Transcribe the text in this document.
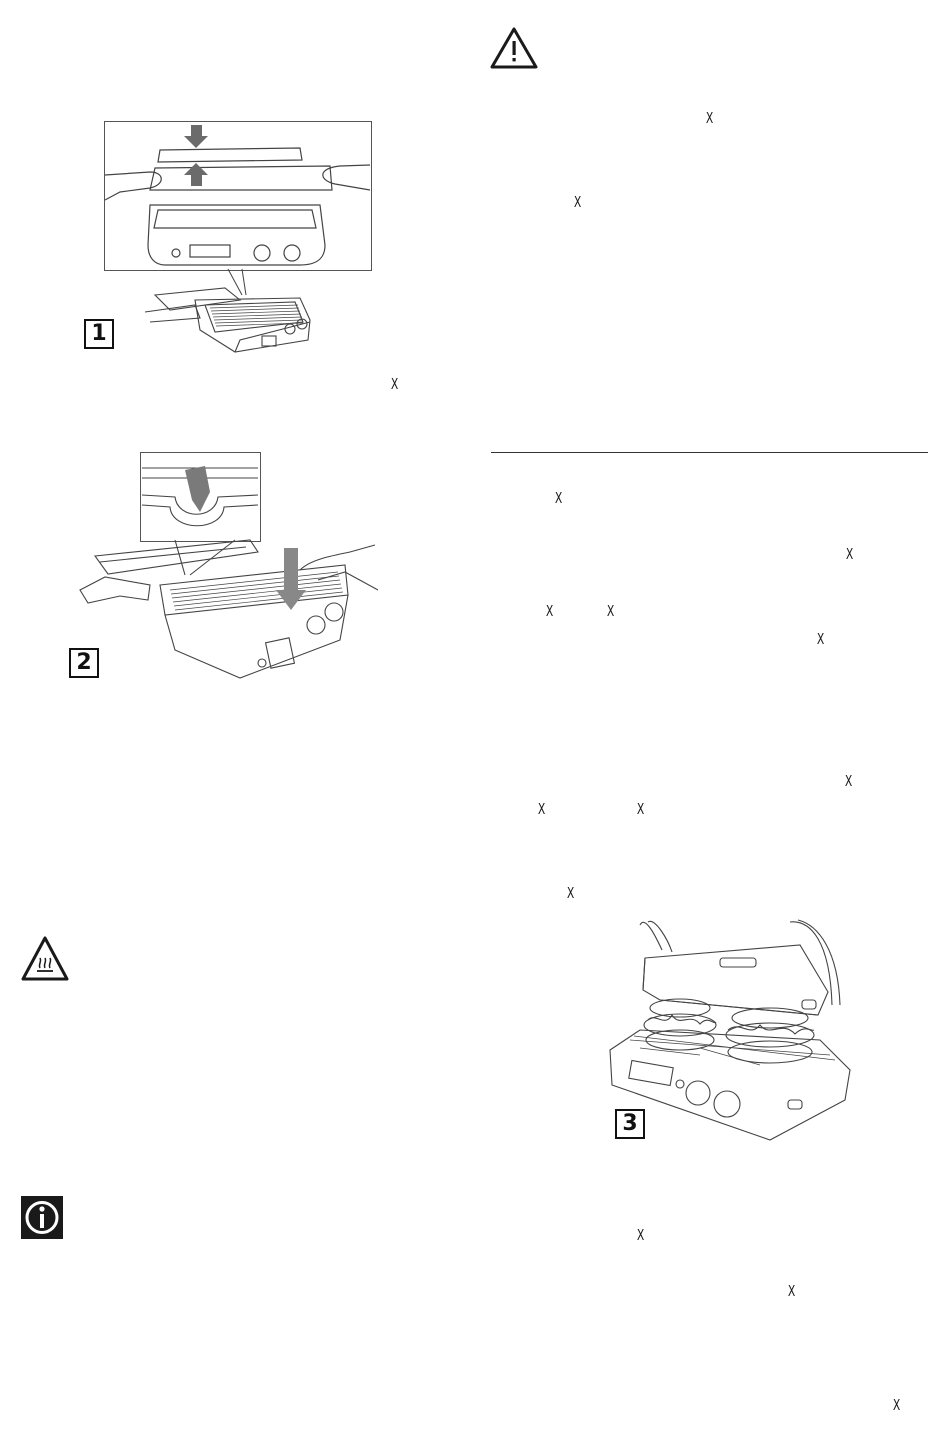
1
X
2
X
X
X
X
X	X
X
X
X	X
X
3
X
X
X
